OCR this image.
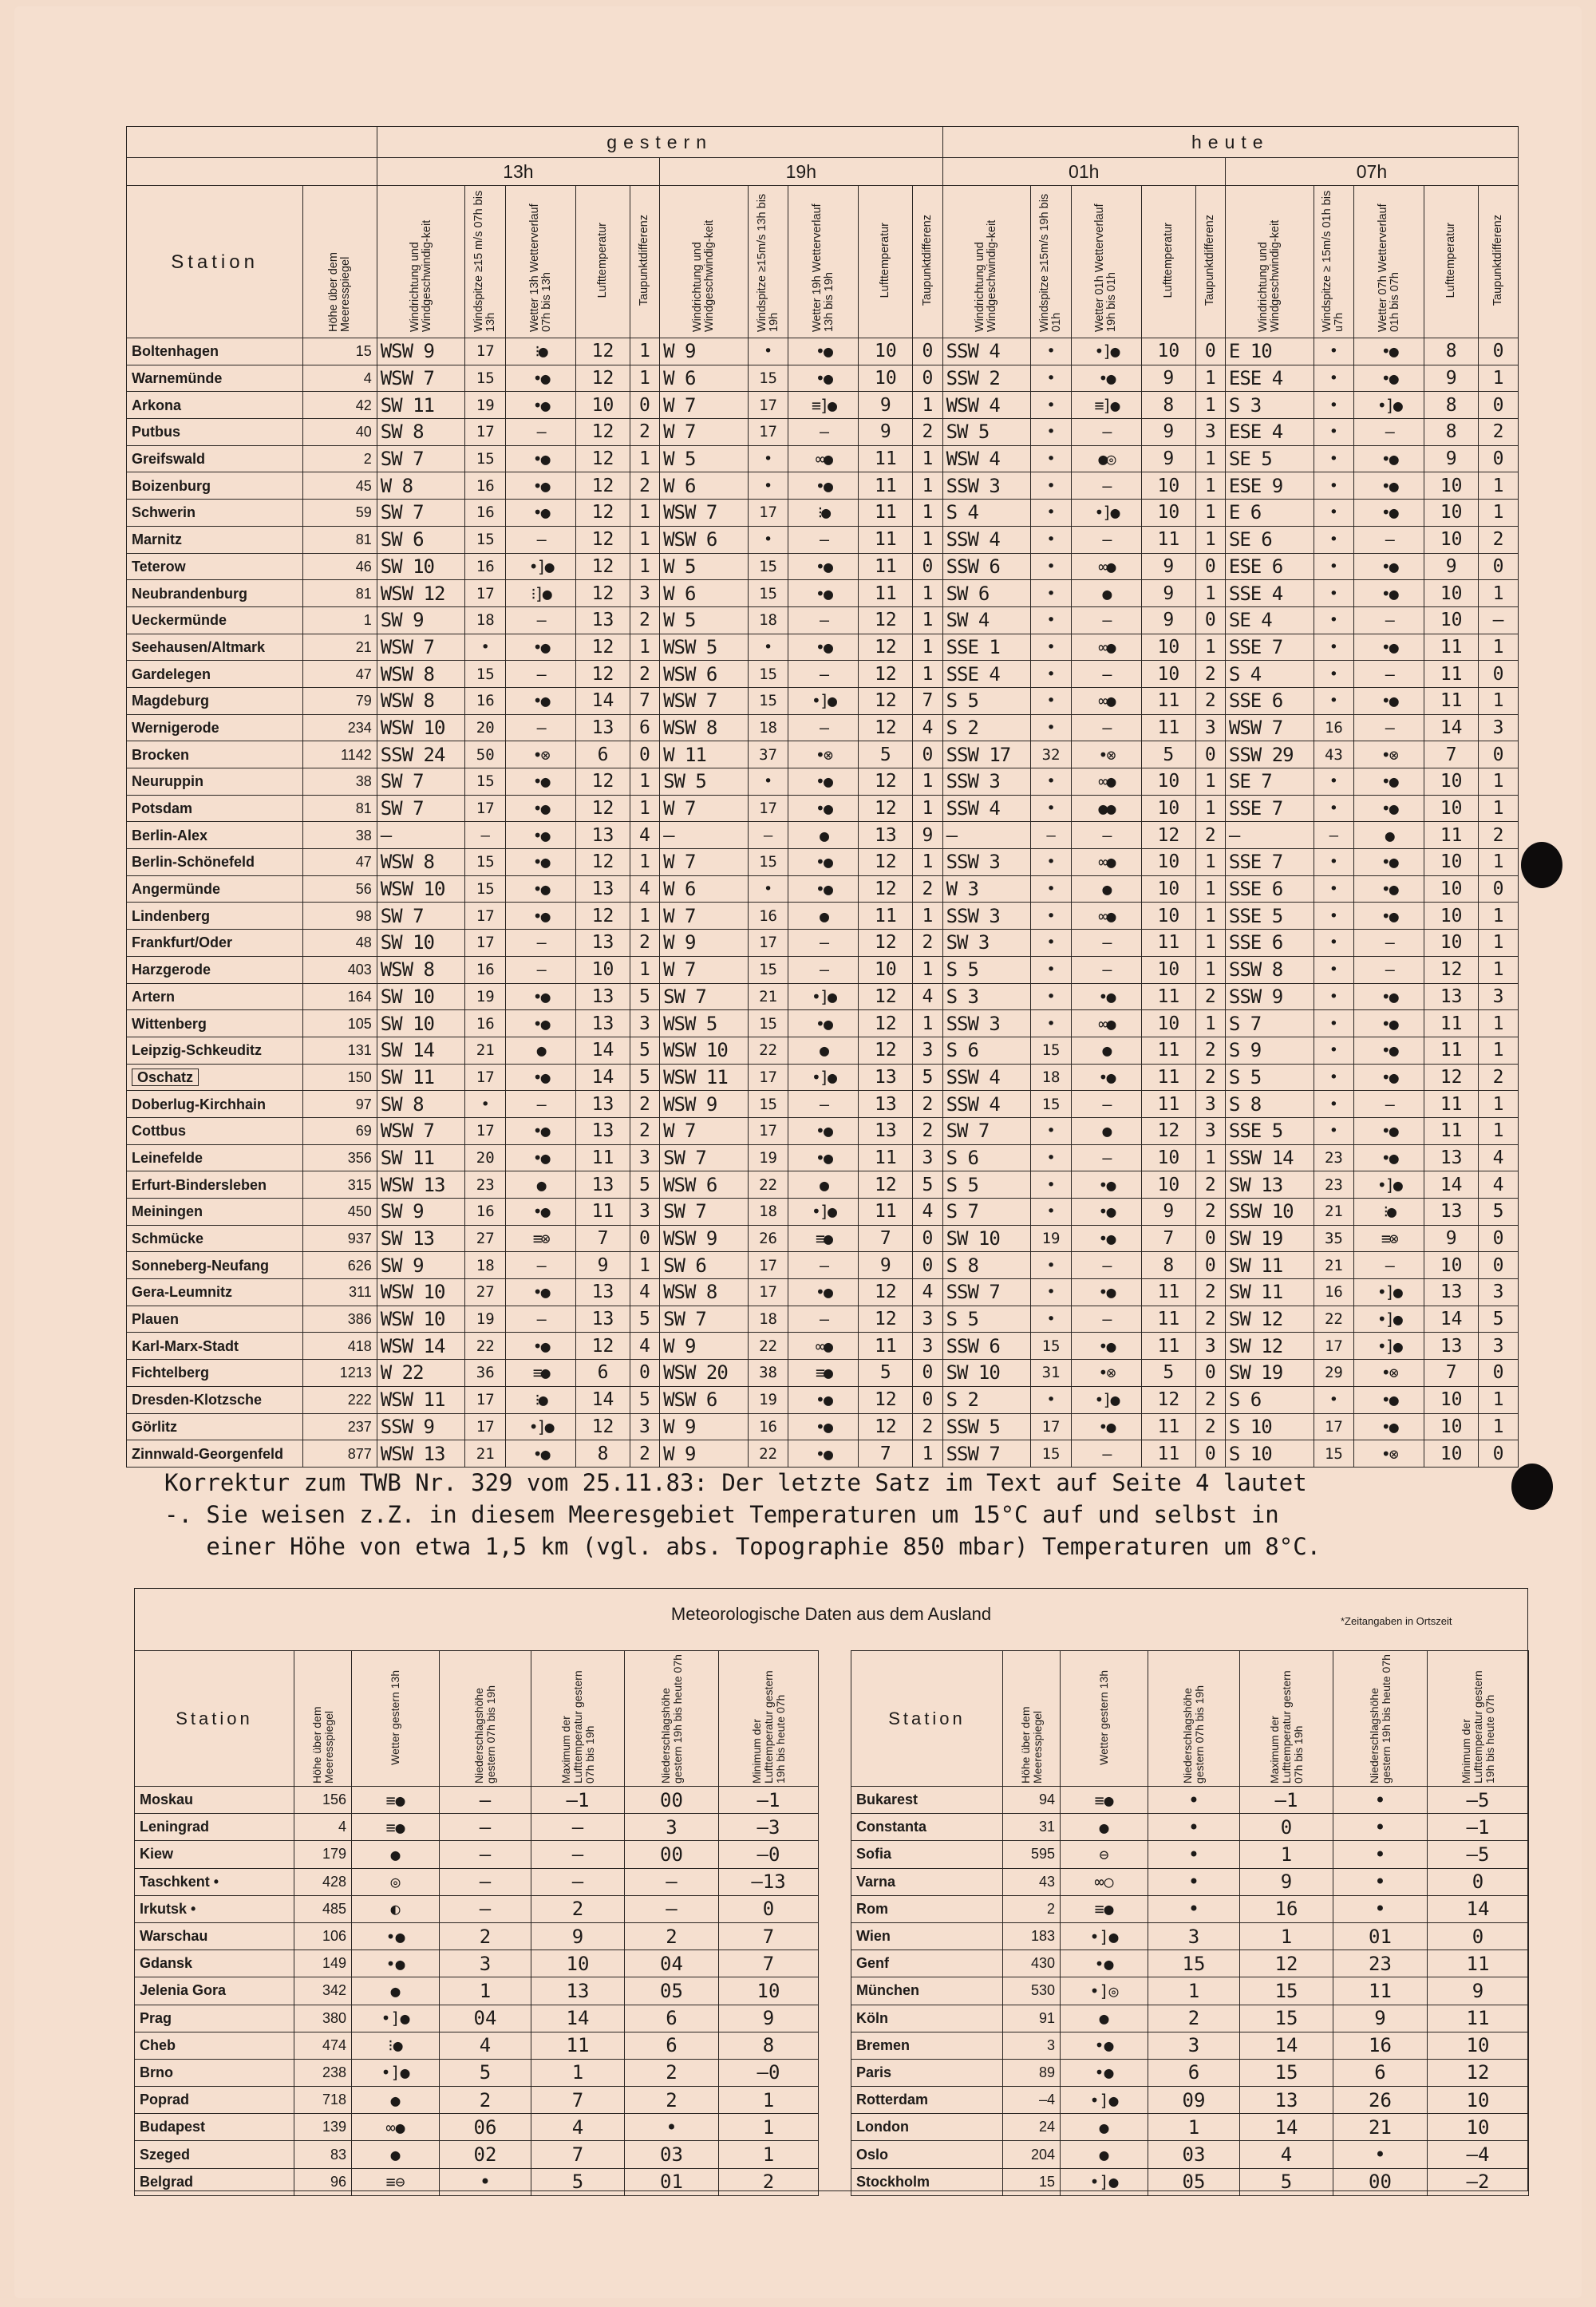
		gestern										heute									
		13h					19h					01h					07h				
Station	Höhe über dem Meeresspiegel	Windrichtung und Windgeschwindig-keit	Windspitze ≥15 m/s 07h bis 13h	Wetter 13h Wetterverlauf 07h bis 13h	Lufttemperatur	Taupunktdifferenz	Windrichtung und Windgeschwindig-keit	Windspitze ≥15m/s 13h bis 19h	Wetter 19h Wetterverlauf 13h bis 19h	Lufttemperatur	Taupunktdifferenz	Windrichtung und Windgeschwindig-keit	Windspitze ≥15m/s 19h bis 01h	Wetter 01h Wetterverlauf 19h bis 01h	Lufttemperatur	Taupunktdifferenz	Windrichtung und Windgeschwindig-keit	Windspitze ≥ 15m/s 01h bis u7h	Wetter 07h Wetterverlauf 01h bis 07h	Lufttemperatur	Taupunktdifferenz
Boltenhagen	15	WSW 9	17	⁝●	12	1	W 9	•	•●	10	0	SSW 4	•	•]●	10	0	E 10	•	•●	8	0
Warnemünde	4	WSW 7	15	•●	12	1	W 6	15	•●	10	0	SSW 2	•	•●	9	1	ESE 4	•	•●	9	1
Arkona	42	SW 11	19	•●	10	0	W 7	17	≡]●	9	1	WSW 4	•	≡]●	8	1	S 3	•	•]●	8	0
Putbus	40	SW 8	17	–	12	2	W 7	17	–	9	2	SW 5	•	–	9	3	ESE 4	•	–	8	2
Greifswald	2	SW 7	15	•●	12	1	W 5	•	∞●	11	1	WSW 4	•	●◎	9	1	SE 5	•	•●	9	0
Boizenburg	45	W 8	16	•●	12	2	W 6	•	•●	11	1	SSW 3	•	–	10	1	ESE 9	•	•●	10	1
Schwerin	59	SW 7	16	•●	12	1	WSW 7	17	⁝●	11	1	S 4	•	•]●	10	1	E 6	•	•●	10	1
Marnitz	81	SW 6	15	–	12	1	WSW 6	•	–	11	1	SSW 4	•	–	11	1	SE 6	•	–	10	2
Teterow	46	SW 10	16	•]●	12	1	W 5	15	•●	11	0	SSW 6	•	∞●	9	0	ESE 6	•	•●	9	0
Neubrandenburg	81	WSW 12	17	⁝]●	12	3	W 6	15	•●	11	1	SW 6	•	●	9	1	SSE 4	•	•●	10	1
Ueckermünde	1	SW 9	18	–	13	2	W 5	18	–	12	1	SW 4	•	–	9	0	SE 4	•	–	10	–
Seehausen/Altmark	21	WSW 7	•	•●	12	1	WSW 5	•	•●	12	1	SSE 1	•	∞●	10	1	SSE 7	•	•●	11	1
Gardelegen	47	WSW 8	15	–	12	2	WSW 6	15	–	12	1	SSE 4	•	–	10	2	S 4	•	–	11	0
Magdeburg	79	WSW 8	16	•●	14	7	WSW 7	15	•]●	12	7	S 5	•	∞●	11	2	SSE 6	•	•●	11	1
Wernigerode	234	WSW 10	20	–	13	6	WSW 8	18	–	12	4	S 2	•	–	11	3	WSW 7	16	–	14	3
Brocken	1142	SSW 24	50	•⊗	6	0	W 11	37	•⊗	5	0	SSW 17	32	•⊗	5	0	SSW 29	43	•⊗	7	0
Neuruppin	38	SW 7	15	•●	12	1	SW 5	•	•●	12	1	SSW 3	•	∞●	10	1	SE 7	•	•●	10	1
Potsdam	81	SW 7	17	•●	12	1	W 7	17	•●	12	1	SSW 4	•	●●	10	1	SSE 7	•	•●	10	1
Berlin-Alex	38	–	–	•●	13	4	–	–	●	13	9	–	–	–	12	2	–	–	●	11	2
Berlin-Schönefeld	47	WSW 8	15	•●	12	1	W 7	15	•●	12	1	SSW 3	•	∞●	10	1	SSE 7	•	•●	10	1
Angermünde	56	WSW 10	15	•●	13	4	W 6	•	•●	12	2	W 3	•	●	10	1	SSE 6	•	•●	10	0
Lindenberg	98	SW 7	17	•●	12	1	W 7	16	●	11	1	SSW 3	•	∞●	10	1	SSE 5	•	•●	10	1
Frankfurt/Oder	48	SW 10	17	–	13	2	W 9	17	–	12	2	SW 3	•	–	11	1	SSE 6	•	–	10	1
Harzgerode	403	WSW 8	16	–	10	1	W 7	15	–	10	1	S 5	•	–	10	1	SSW 8	•	–	12	1
Artern	164	SW 10	19	•●	13	5	SW 7	21	•]●	12	4	S 3	•	•●	11	2	SSW 9	•	•●	13	3
Wittenberg	105	SW 10	16	•●	13	3	WSW 5	15	•●	12	1	SSW 3	•	∞●	10	1	S 7	•	•●	11	1
Leipzig-Schkeuditz	131	SW 14	21	●	14	5	WSW 10	22	●	12	3	S 6	15	●	11	2	S 9	•	•●	11	1
Oschatz	150	SW 11	17	•●	14	5	WSW 11	17	•]●	13	5	SSW 4	18	•●	11	2	S 5	•	•●	12	2
Doberlug-Kirchhain	97	SW 8	•	–	13	2	WSW 9	15	–	13	2	SSW 4	15	–	11	3	S 8	•	–	11	1
Cottbus	69	WSW 7	17	•●	13	2	W 7	17	•●	13	2	SW 7	•	●	12	3	SSE 5	•	•●	11	1
Leinefelde	356	SW 11	20	•●	11	3	SW 7	19	•●	11	3	S 6	•	–	10	1	SSW 14	23	•●	13	4
Erfurt-Bindersleben	315	WSW 13	23	●	13	5	WSW 6	22	●	12	5	S 5	•	•●	10	2	SW 13	23	•]●	14	4
Meiningen	450	SW 9	16	•●	11	3	SW 7	18	•]●	11	4	S 7	•	•●	9	2	SSW 10	21	⁝●	13	5
Schmücke	937	SW 13	27	≡⊗	7	0	WSW 9	26	≡●	7	0	SW 10	19	•●	7	0	SW 19	35	≡⊗	9	0
Sonneberg-Neufang	626	SW 9	18	–	9	1	SW 6	17	–	9	0	S 8	•	–	8	0	SW 11	21	–	10	0
Gera-Leumnitz	311	WSW 10	27	•●	13	4	WSW 8	17	•●	12	4	SSW 7	•	•●	11	2	SW 11	16	•]●	13	3
Plauen	386	WSW 10	19	–	13	5	SW 7	18	–	12	3	S 5	•	–	11	2	SW 12	22	•]●	14	5
Karl-Marx-Stadt	418	WSW 14	22	•●	12	4	W 9	22	∞●	11	3	SSW 6	15	•●	11	3	SW 12	17	•]●	13	3
Fichtelberg	1213	W 22	36	≡●	6	0	WSW 20	38	≡●	5	0	SW 10	31	•⊗	5	0	SW 19	29	•⊗	7	0
Dresden-Klotzsche	222	WSW 11	17	⁝●	14	5	WSW 6	19	•●	12	0	S 2	•	•]●	12	2	S 6	•	•●	10	1
Görlitz	237	SSW 9	17	•]●	12	3	W 9	16	•●	12	2	SSW 5	17	•●	11	2	S 10	17	•●	10	1
Zinnwald-Georgenfeld	877	WSW 13	21	•●	8	2	W 9	22	•●	7	1	SSW 7	15	–	11	0	S 10	15	•⊗	10	0
Korrektur zum TWB Nr. 329 vom 25.11.83: Der letzte Satz im Text auf Seite 4 lautet
-. Sie weisen z.Z. in diesem Meeresgebiet Temperaturen um 15°C auf und selbst in
einer Höhe von etwa 1,5 km (vgl. abs. Topographie 850 mbar) Temperaturen um 8°C.
Meteorologische Daten aus dem Ausland	*Zeitangaben in Ortszeit
Station	Höhe über dem Meeresspiegel	Wetter gestern 13h	Niederschlagshöhe gestern 07h bis 19h	Maximum der Lufttemperatur gestern 07h bis 19h	Niederschlagshöhe gestern 19h bis heute 07h	Minimum der Lufttemperatur gestern 19h bis heute 07h
Moskau	156	≡●	–	–1	00	–1
Leningrad	4	≡●	–	–	3	–3
Kiew	179	●	–	–	00	–0
Taschkent •	428	◎	–	–	–	–13
Irkutsk •	485	◐	–	2	–	0
Warschau	106	•●	2	9	2	7
Gdansk	149	•●	3	10	04	7
Jelenia Gora	342	●	1	13	05	10
Prag	380	•]●	04	14	6	9
Cheb	474	⁝●	4	11	6	8
Brno	238	•]●	5	1	2	–0
Poprad	718	●	2	7	2	1
Budapest	139	∞●	06	4	•	1
Szeged	83	●	02	7	03	1
Belgrad	96	≡⊖	•	5	01	2
Station	Höhe über dem Meeresspiegel	Wetter gestern 13h	Niederschlagshöhe gestern 07h bis 19h	Maximum der Lufttemperatur gestern 07h bis 19h	Niederschlagshöhe gestern 19h bis heute 07h	Minimum der Lufttemperatur gestern 19h bis heute 07h
Bukarest	94	≡●	•	–1	•	–5
Constanta	31	●	•	0	•	–1
Sofia	595	⊖	•	1	•	–5
Varna	43	∞○	•	9	•	0
Rom	2	≡●	•	16	•	14
Wien	183	•]●	3	1	01	0
Genf	430	•●	15	12	23	11
München	530	•]◎	1	15	11	9
Köln	91	●	2	15	9	11
Bremen	3	•●	3	14	16	10
Paris	89	•●	6	15	6	12
Rotterdam	–4	•]●	09	13	26	10
London	24	●	1	14	21	10
Oslo	204	●	03	4	•	–4
Stockholm	15	•]●	05	5	00	–2
